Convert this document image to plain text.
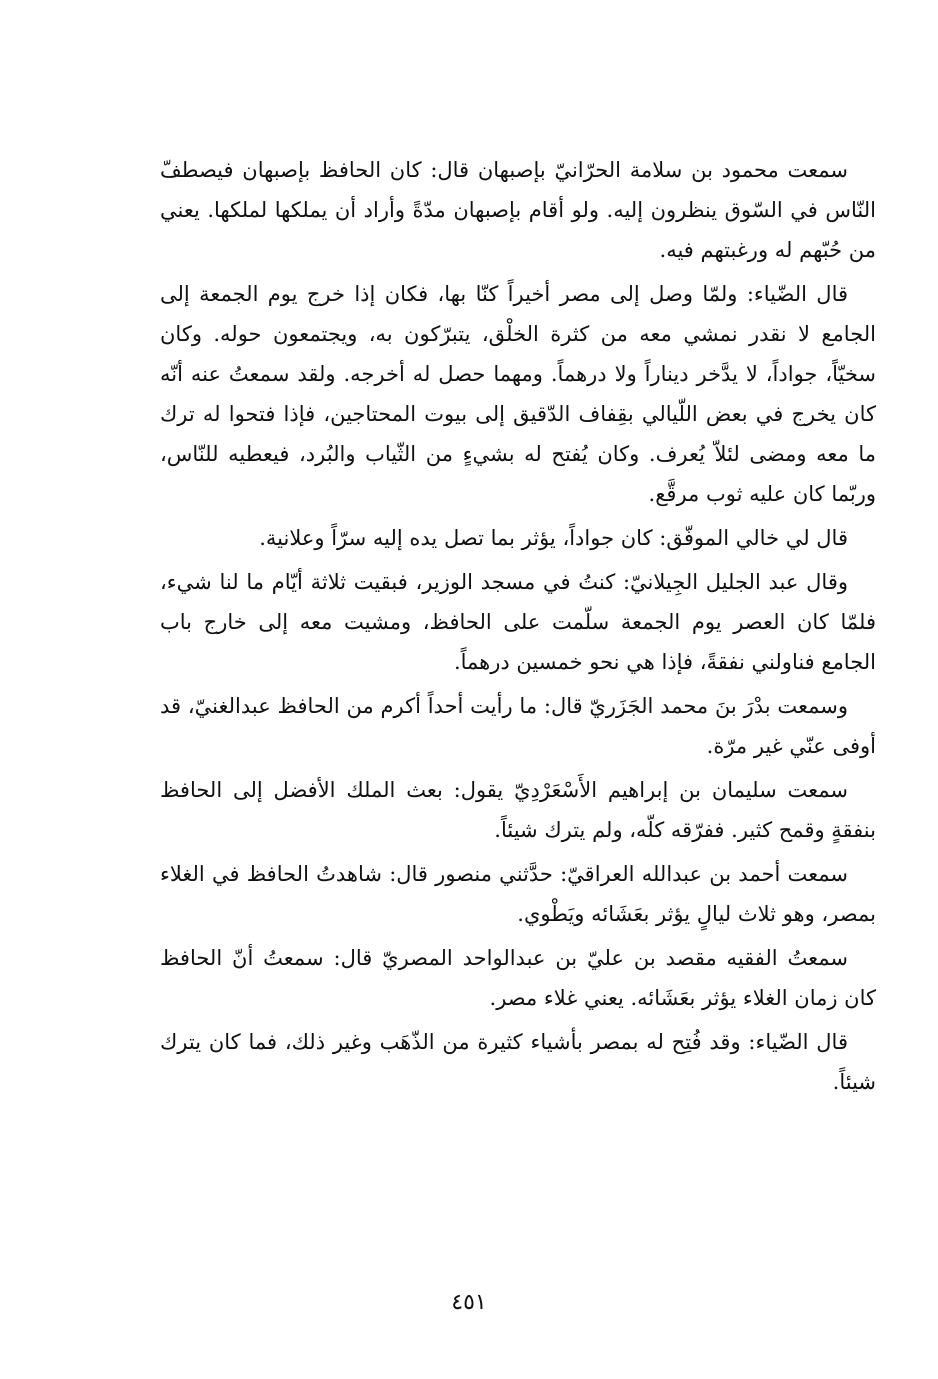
سمعت محمود بن سلامة الحرّانيّ بإصبهان قال: كان الحافظ بإصبهان فيصطفّ النّاس في السّوق ينظرون إليه. ولو أقام بإصبهان مدّةً وأراد أن يملكها لملكها. يعني من حُبّهم له ورغبتهم فيه.

قال الضّياء: ولمّا وصل إلى مصر أخيراً كنّا بها، فكان إذا خرج يوم الجمعة إلى الجامع لا نقدر نمشي معه من كثرة الخلْق، يتبرّكون به، ويجتمعون حوله. وكان سخيّاً، جواداً، لا يدَّخر ديناراً ولا درهماً. ومهما حصل له أخرجه. ولقد سمعتُ عنه أنّه كان يخرج في بعض اللّيالي بقِفاف الدّقيق إلى بيوت المحتاجين، فإذا فتحوا له ترك ما معه ومضى لئلاّ يُعرف. وكان يُفتح له بشيءٍ من الثّياب والبُرد، فيعطيه للنّاس، وربّما كان عليه ثوب مرقَّع.

قال لي خالي الموفّق: كان جواداً، يؤثر بما تصل يده إليه سرّاً وعلانية.

وقال عبد الجليل الجِيلانيّ: كنتُ في مسجد الوزير، فبقيت ثلاثة أيّام ما لنا شيء، فلمّا كان العصر يوم الجمعة سلّمت على الحافظ، ومشيت معه إلى خارج باب الجامع فناولني نفقةً، فإذا هي نحو خمسين درهماً.

وسمعت بدْرَ بنَ محمد الجَزَريّ قال: ما رأيت أحداً أكرم من الحافظ عبدالغنيّ، قد أوفى عنّي غير مرّة.

سمعت سليمان بن إبراهيم الأَسْعَرْدِيّ يقول: بعث الملك الأفضل إلى الحافظ بنفقةٍ وقمح كثير. ففرّقه كلّه، ولم يترك شيئاً.

سمعت أحمد بن عبدالله العراقيّ: حدَّثني منصور قال: شاهدتُ الحافظ في الغلاء بمصر، وهو ثلاث ليالٍ يؤثر بعَشَائه ويَطْوي.

سمعتُ الفقيه مقصد بن عليّ بن عبدالواحد المصريّ قال: سمعتُ أنّ الحافظ كان زمان الغلاء يؤثر بعَشَائه. يعني غلاء مصر.

قال الضّياء: وقد فُتِح له بمصر بأشياء كثيرة من الذّهَب وغير ذلك، فما كان يترك شيئاً.

٤٥١
